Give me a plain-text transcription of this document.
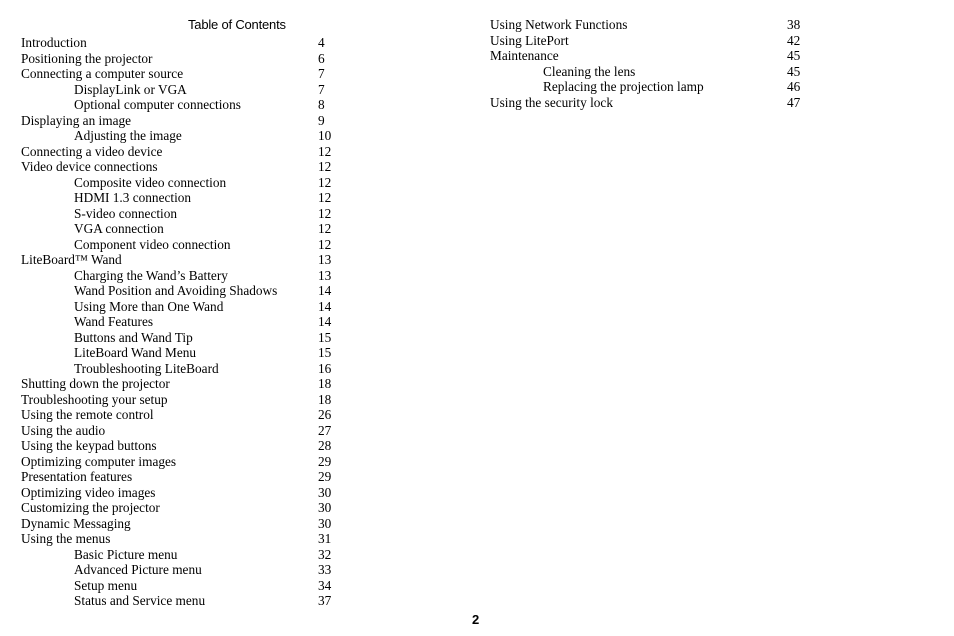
Table of Contents
Introduction	4
Positioning the projector	6
Connecting a computer source	7
DisplayLink or VGA	7
Optional computer connections	8
Displaying an image	9
Adjusting the image	10
Connecting a video device	12
Video device connections	12
Composite video connection	12
HDMI 1.3 connection	12
S-video connection	12
VGA connection	12
Component video connection	12
LiteBoard™ Wand	13
Charging the Wand’s Battery	13
Wand Position and Avoiding Shadows	14
Using More than One Wand	14
Wand Features	14
Buttons and Wand Tip	15
LiteBoard Wand Menu	15
Troubleshooting LiteBoard	16
Shutting down the projector	18
Troubleshooting your setup	18
Using the remote control	26
Using the audio	27
Using the keypad buttons	28
Optimizing computer images	29
Presentation features	29
Optimizing video images	30
Customizing the projector	30
Dynamic Messaging	30
Using the menus	31
Basic Picture menu	32
Advanced Picture menu	33
Setup menu	34
Status and Service menu	37
Using Network Functions	38
Using LitePort	42
Maintenance	45
Cleaning the lens	45
Replacing the projection lamp	46
Using the security lock	47
2
